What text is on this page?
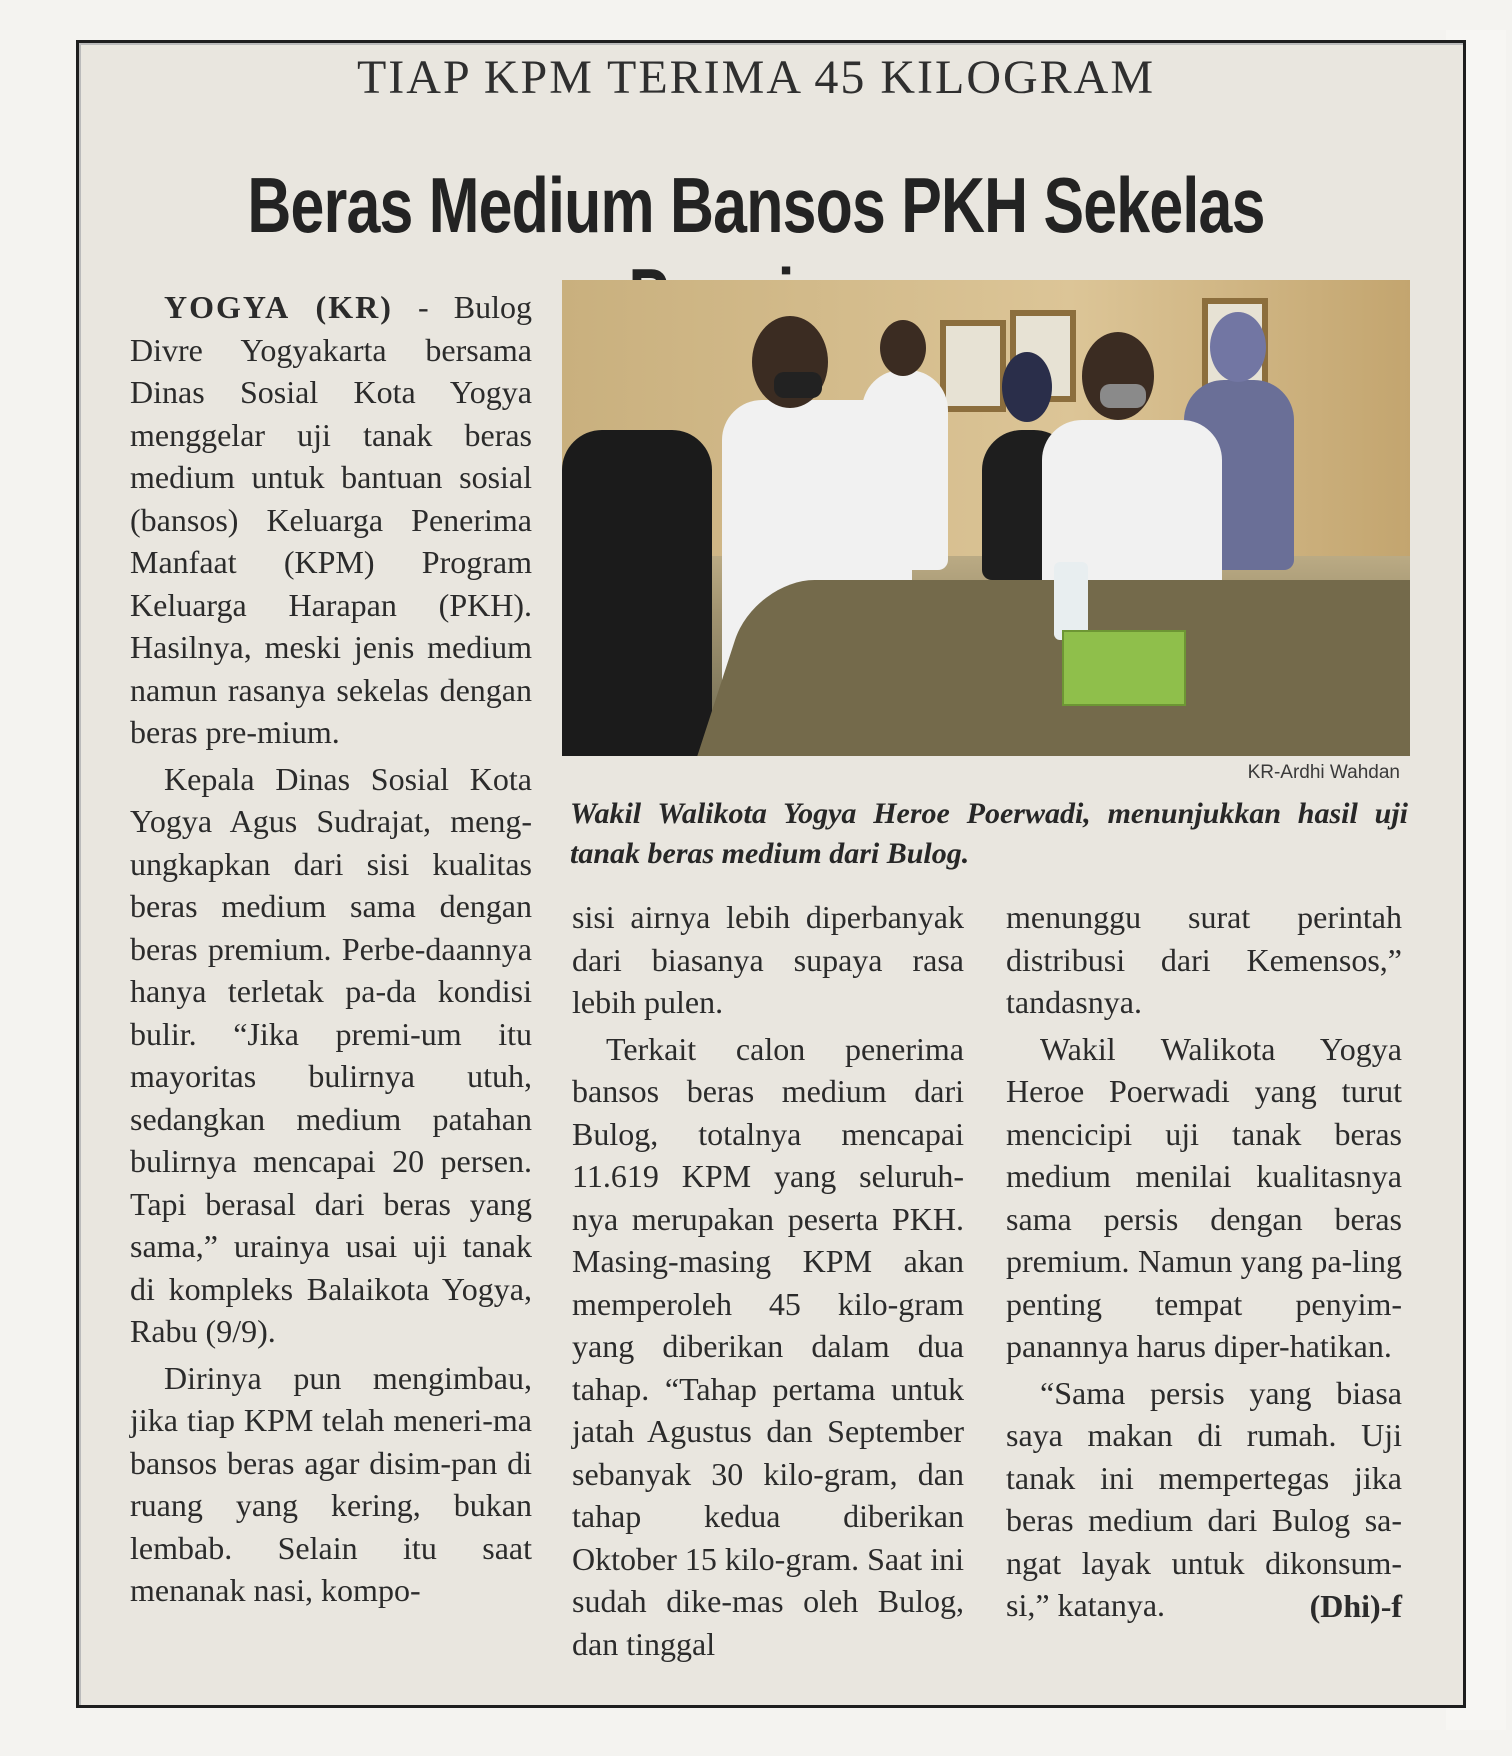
TIAP KPM TERIMA 45 KILOGRAM
Beras Medium Bansos PKH Sekelas

YOGYA (KR) - Bulog Divre Yogyakarta bersama Dinas Sosial Kota Yogya menggelar uji tanak beras medium untuk bantuan sosial (bansos) Keluarga Penerima Manfaat (KPM) Program Keluarga Harapan (PKH). Hasilnya, meski jenis medium namun rasanya sekelas dengan beras pre-mium.

Kepala Dinas Sosial Kota Yogya Agus Sudrajat, meng-ungkapkan dari sisi kualitas beras medium sama dengan beras premium. Perbe-daannya hanya terletak pa-da kondisi bulir. “Jika premi-um itu mayoritas bulirnya utuh, sedangkan medium patahan bulirnya mencapai 20 persen. Tapi berasal dari beras yang sama,” urainya usai uji tanak di kompleks Balaikota Yogya, Rabu (9/9).

Dirinya pun mengimbau, jika tiap KPM telah meneri-ma bansos beras agar disim-pan di ruang yang kering, bukan lembab. Selain itu saat menanak nasi, kompo-

KR-Ardhi Wahdan
Wakil Walikota Yogya Heroe Poerwadi, menunjukkan hasil uji tanak beras medium dari Bulog.

sisi airnya lebih diperbanyak dari biasanya supaya rasa lebih pulen.

Terkait calon penerima bansos beras medium dari Bulog, totalnya mencapai 11.619 KPM yang seluruh-nya merupakan peserta PKH. Masing-masing KPM akan memperoleh 45 kilo-gram yang diberikan dalam dua tahap. “Tahap pertama untuk jatah Agustus dan September sebanyak 30 kilo-gram, dan tahap kedua diberikan Oktober 15 kilo-gram. Saat ini sudah dike-mas oleh Bulog, dan tinggal

menunggu surat perintah distribusi dari Kemensos,” tandasnya.

Wakil Walikota Yogya Heroe Poerwadi yang turut mencicipi uji tanak beras medium menilai kualitasnya sama persis dengan beras premium. Namun yang pa-ling penting tempat penyim-panannya harus diper-hatikan.

“Sama persis yang biasa saya makan di rumah. Uji tanak ini mempertegas jika beras medium dari Bulog sa-ngat layak untuk dikonsum-si,” katanya.	(Dhi)-f
